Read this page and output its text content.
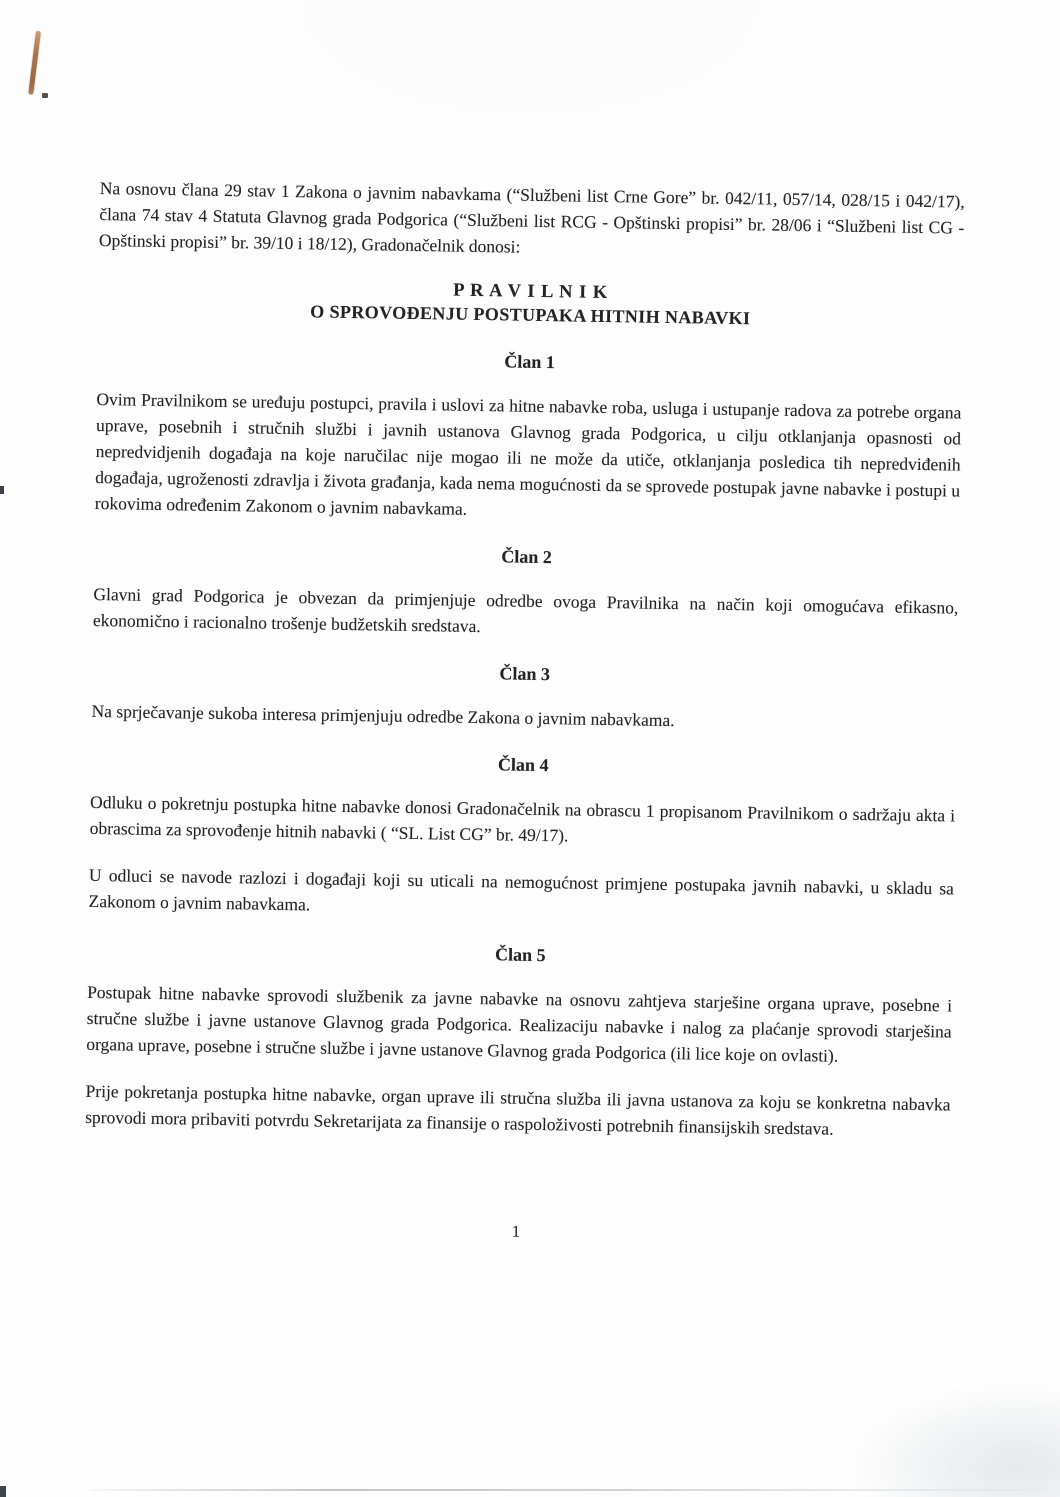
Na osnovu člana 29 stav 1 Zakona o javnim nabavkama (“Službeni list Crne Gore” br. 042/11, 057/14, 028/15 i 042/17), člana 74 stav 4 Statuta Glavnog grada Podgorica (“Službeni list RCG - Opštinski propisi” br. 28/06 i “Službeni list CG - Opštinski propisi” br. 39/10 i 18/12), Gradonačelnik donosi:

P R A V I L N I K
O SPROVOĐENJU POSTUPAKA HITNIH NABAVKI
Član 1

Ovim Pravilnikom se uređuju postupci, pravila i uslovi za hitne nabavke roba, usluga i ustupanje radova za potrebe organa uprave, posebnih i stručnih službi i javnih ustanova Glavnog grada Podgorica, u cilju otklanjanja opasnosti od nepredvidjenih događaja na koje naručilac nije mogao ili ne može da utiče, otklanjanja posledica tih nepredviđenih događaja, ugroženosti zdravlja i života građanja, kada nema mogućnosti da se sprovede postupak javne nabavke i postupi u rokovima određenim Zakonom o javnim nabavkama.

Član 2

Glavni grad Podgorica je obvezan da primjenjuje odredbe ovoga Pravilnika na način koji omogućava efikasno, ekonomično i racionalno trošenje budžetskih sredstava.

Član 3

Na sprječavanje sukoba interesa primjenjuju odredbe Zakona o javnim nabavkama.

Član 4

Odluku o pokretnju postupka hitne nabavke donosi Gradonačelnik na obrascu 1 propisanom Pravilnikom o sadržaju akta i obrascima za sprovođenje hitnih nabavki ( “SL. List CG” br. 49/17).

U odluci se navode razlozi i događaji koji su uticali na nemogućnost primjene postupaka javnih nabavki, u skladu sa Zakonom o javnim nabavkama.

Član 5

Postupak hitne nabavke sprovodi službenik za javne nabavke na osnovu zahtjeva starješine organa uprave, posebne i stručne službe i javne ustanove Glavnog grada Podgorica. Realizaciju nabavke i nalog za plaćanje sprovodi starješina organa uprave, posebne i stručne službe i javne ustanove Glavnog grada Podgorica (ili lice koje on ovlasti).

Prije pokretanja postupka hitne nabavke, organ uprave ili stručna služba ili javna ustanova za koju se konkretna nabavka sprovodi mora pribaviti potvrdu Sekretarijata za finansije o raspoloživosti potrebnih finansijskih sredstava.

1
